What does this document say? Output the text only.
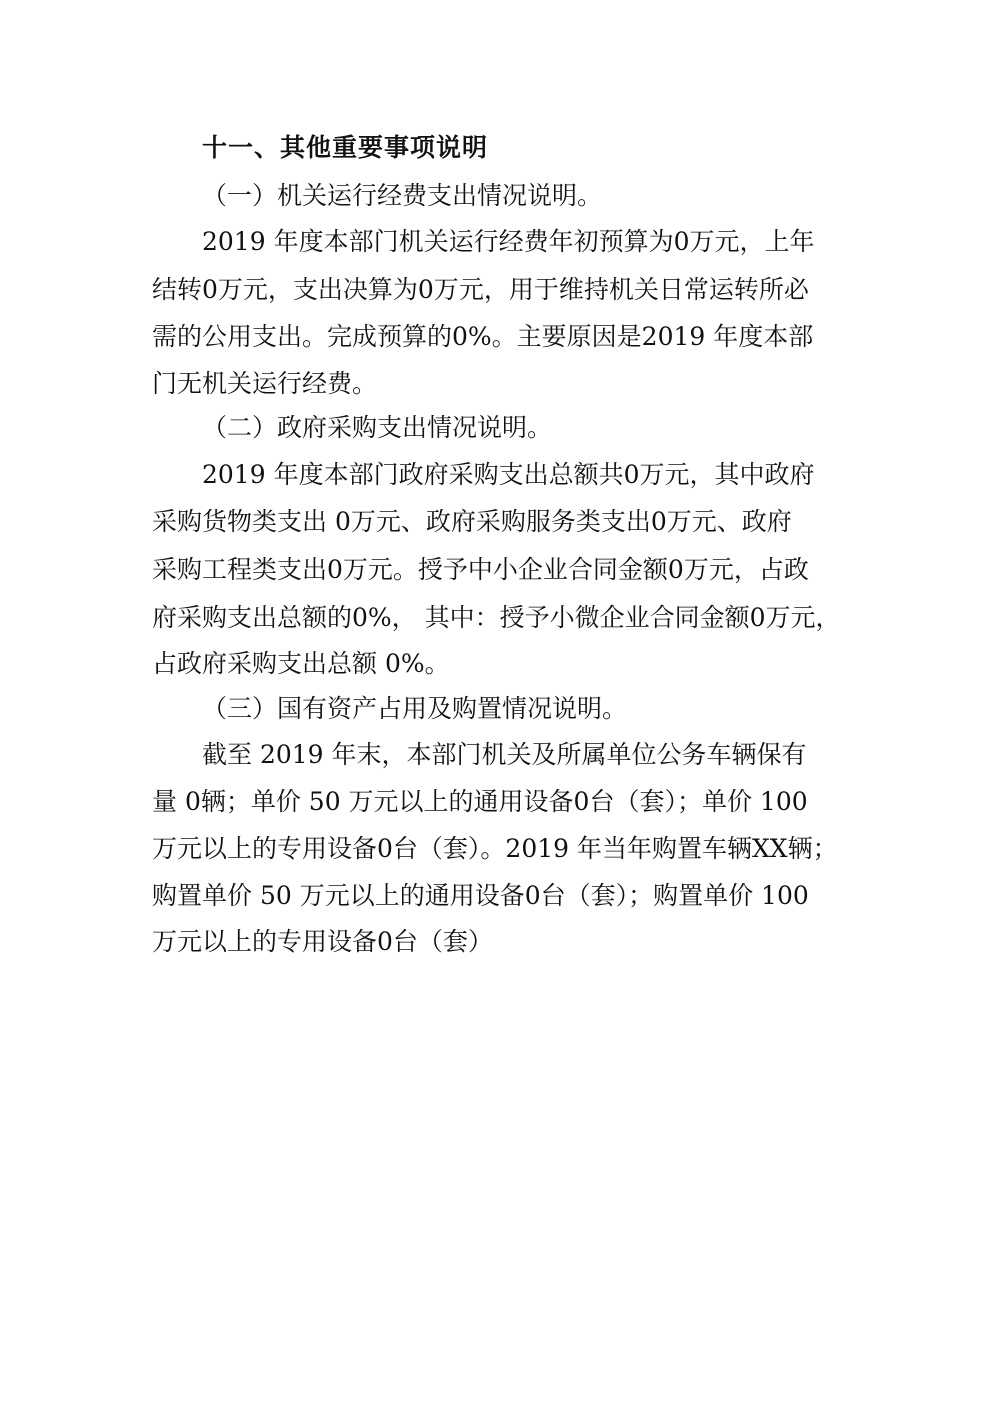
十一、其他重要事项说明
（一）机关运行经费支出情况说明。
2019 年度本部门机关运行经费年初预算为0万元，上年
结转0万元，支出决算为0万元，用于维持机关日常运转所必
需的公用支出。完成预算的0%。主要原因是2019 年度本部
门无机关运行经费。
（二）政府采购支出情况说明。
2019 年度本部门政府采购支出总额共0万元，其中政府
采购货物类支出 0万元、政府采购服务类支出0万元、政府
采购工程类支出0万元。授予中小企业合同金额0万元，占政
府采购支出总额的0%， 其中：授予小微企业合同金额0万元，
占政府采购支出总额 0%。
（三）国有资产占用及购置情况说明。
截至 2019 年末，本部门机关及所属单位公务车辆保有
量 0辆；单价 50 万元以上的通用设备0台（套）；单价 100
万元以上的专用设备0台（套）。2019 年当年购置车辆XX辆；
购置单价 50 万元以上的通用设备0台（套）；购置单价 100
万元以上的专用设备0台（套）
